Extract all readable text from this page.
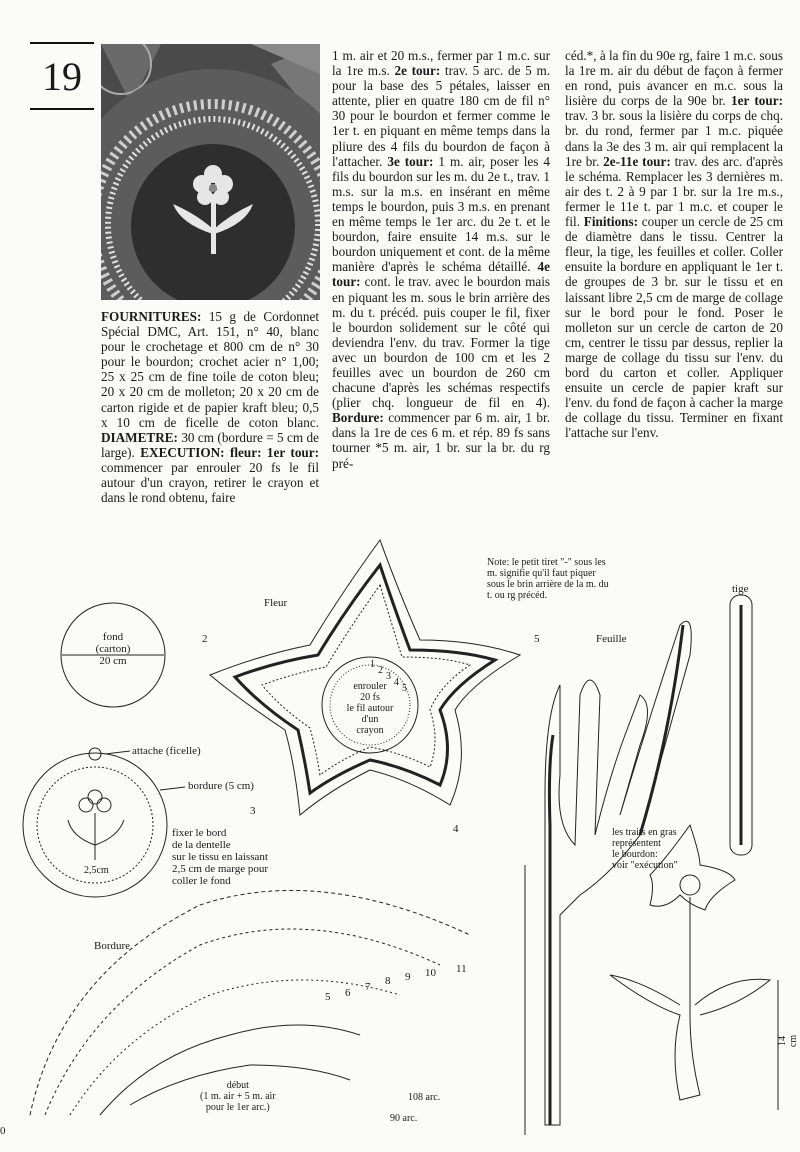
19

FOURNITURES: 15 g de Cordonnet Spécial DMC, Art. 151, n° 40, blanc pour le crochetage et 800 cm de n° 30 pour le bourdon; crochet acier n° 1,00; 25 x 25 cm de fine toile de coton bleu; 20 x 20 cm de molleton; 20 x 20 cm de carton rigide et de papier kraft bleu; 0,5 x 10 cm de ficelle de coton blanc. DIAMETRE: 30 cm (bordure = 5 cm de large). EXECUTION: fleur: 1er tour: commencer par enrouler 20 fs le fil autour d'un crayon, retirer le crayon et dans le rond obtenu, faire

1 m. air et 20 m.s., fermer par 1 m.c. sur la 1re m.s. 2e tour: trav. 5 arc. de 5 m. pour la base des 5 pétales, laisser en attente, plier en quatre 180 cm de fil n° 30 pour le bourdon et fermer comme le 1er t. en piquant en même temps dans la pliure des 4 fils du bourdon de façon à l'attacher. 3e tour: 1 m. air, poser les 4 fils du bourdon sur les m. du 2e t., trav. 1 m.s. sur la m.s. en insérant en même temps le bourdon, puis 3 m.s. en prenant en même temps le 1er arc. du 2e t. et le bourdon, faire ensuite 14 m.s. sur le bourdon uniquement et cont. de la même manière d'après le schéma détaillé. 4e tour: cont. le trav. avec le bourdon mais en piquant les m. sous le brin arrière des m. du t. précéd. puis couper le fil, fixer le bourdon solidement sur le côté qui deviendra l'env. du trav. Former la tige avec un bourdon de 100 cm et les 2 feuilles avec un bourdon de 260 cm chacune d'après les schémas respectifs (plier chq. longueur de fil en 4). Bordure: commencer par 6 m. air, 1 br. dans la 1re de ces 6 m. et rép. 89 fs sans tourner *5 m. air, 1 br. sur la br. du rg pré-

céd.*, à la fin du 90e rg, faire 1 m.c. sous la 1re m. air du début de façon à fermer en rond, puis avancer en m.c. sous la lisière du corps de la 90e br. 1er tour: trav. 3 br. sous la lisière du corps de chq. br. du rond, fermer par 1 m.c. piquée dans la 3e des 3 m. air qui remplacent la 1re br. 2e-11e tour: trav. des arc. d'après le schéma. Remplacer les 3 dernières m. air des t. 2 à 9 par 1 br. sur la 1re m.s., fermer le 11e t. par 1 m.c. et couper le fil. Finitions: couper un cercle de 25 cm de diamètre dans le tissu. Centrer la fleur, la tige, les feuilles et coller. Coller ensuite la bordure en appliquant le 1er t. de groupes de 3 br. sur le tissu et en laissant libre 2,5 cm de marge de collage sur le bord pour le fond. Poser le molleton sur un cercle de carton de 20 cm, centrer le tissu par dessus, replier la marge de collage du tissu sur l'env. du bord du carton et coller. Appliquer ensuite un cercle de papier kraft sur l'env. du fond de façon à cacher la marge de collage du tissu. Terminer en fixant l'attache sur l'env.

Fleur
fond
(carton)
20 cm
attache (ficelle)
bordure (5 cm)
fixer le bord
de la dentelle
sur le tissu en laissant
2,5 cm de marge pour
coller le fond
2,5cm
enrouler
20 fs
le fil autour
d'un
crayon
Note: le petit tiret "-" sous les
m. signifie qu'il faut piquer
sous le brin arrière de la m. du
t. ou rg précéd.
Feuille
tige
les traits en gras
représentent
le bourdon:
voir "exécution"
Bordure
début
(1 m. air + 5 m. air
pour le 1er arc.)
108 arc.
90 arc.
14 cm
2
3
4
5
1
2
3
4
5
5 6 7 8 9 10 11
0
